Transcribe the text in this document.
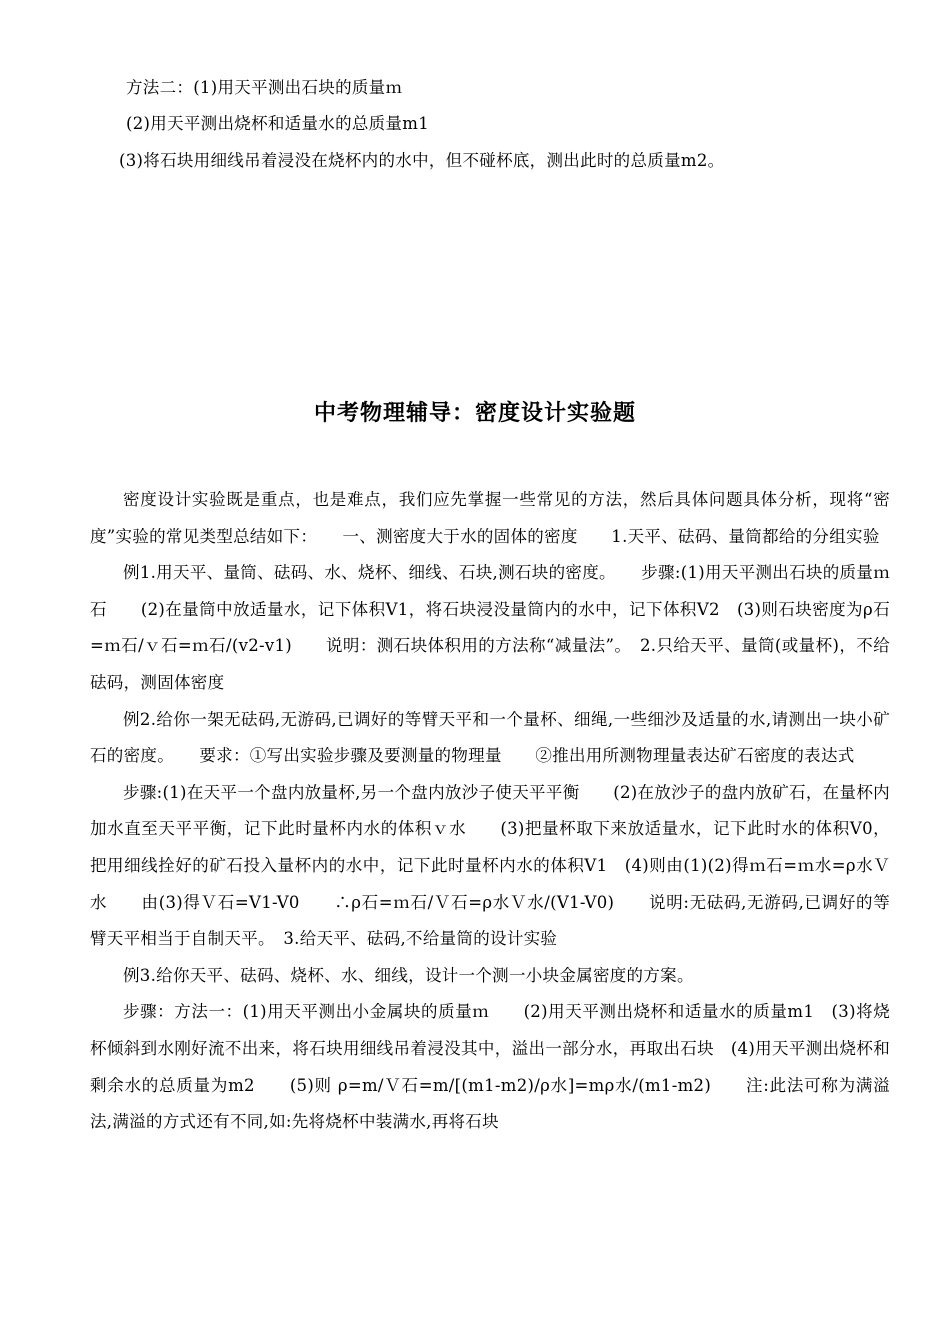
方法二：(1)用天平测出石块的质量ｍ
(2)用天平测出烧杯和适量水的总质量m1
(3)将石块用细线吊着浸没在烧杯内的水中，但不碰杯底，测出此时的总质量m2。
中考物理辅导：密度设计实验题

密度设计实验既是重点，也是难点，我们应先掌握一些常见的方法，然后具体问题具体分析，现将“密度”实验的常见类型总结如下：　　一、测密度大于水的固体的密度　　1.天平、砝码、量筒都给的分组实验

例1.用天平、量筒、砝码、水、烧杯、细线、石块,测石块的密度。　　步骤:(1)用天平测出石块的质量ｍ石　　(2)在量筒中放适量水，记下体积V1，将石块浸没量筒内的水中，记下体积V2　(3)则石块密度为ρ石=ｍ石/ｖ石=ｍ石/(v2-v1)　　说明：测石块体积用的方法称“减量法”。　2.只给天平、量筒(或量杯)，不给砝码，测固体密度

例2.给你一架无砝码,无游码,已调好的等臂天平和一个量杯、细绳,一些细沙及适量的水,请测出一块小矿石的密度。　　要求：①写出实验步骤及要测量的物理量　　②推出用所测物理量表达矿石密度的表达式

步骤:(1)在天平一个盘内放量杯,另一个盘内放沙子使天平平衡　　(2)在放沙子的盘内放矿石，在量杯内加水直至天平平衡，记下此时量杯内水的体积ｖ水　　(3)把量杯取下来放适量水，记下此时水的体积V0，把用细线拴好的矿石投入量杯内的水中，记下此时量杯内水的体积V1　(4)则由(1)(2)得ｍ石=ｍ水=ρ水Ｖ水　　由(3)得Ｖ石=V1-V0　　∴ρ石=ｍ石/Ｖ石=ρ水Ｖ水/(V1-V0)　　说明:无砝码,无游码,已调好的等臂天平相当于自制天平。　3.给天平、砝码,不给量筒的设计实验

例3.给你天平、砝码、烧杯、水、细线，设计一个测一小块金属密度的方案。

步骤：方法一：(1)用天平测出小金属块的质量ｍ　　(2)用天平测出烧杯和适量水的质量m1　(3)将烧杯倾斜到水刚好流不出来，将石块用细线吊着浸没其中，溢出一部分水，再取出石块　(4)用天平测出烧杯和剩余水的总质量为m2　　(5)则 ρ=m/Ｖ石=m/[(m1-m2)/ρ水]=mρ水/(m1-m2)　　注:此法可称为满溢法,满溢的方式还有不同,如:先将烧杯中装满水,再将石块
